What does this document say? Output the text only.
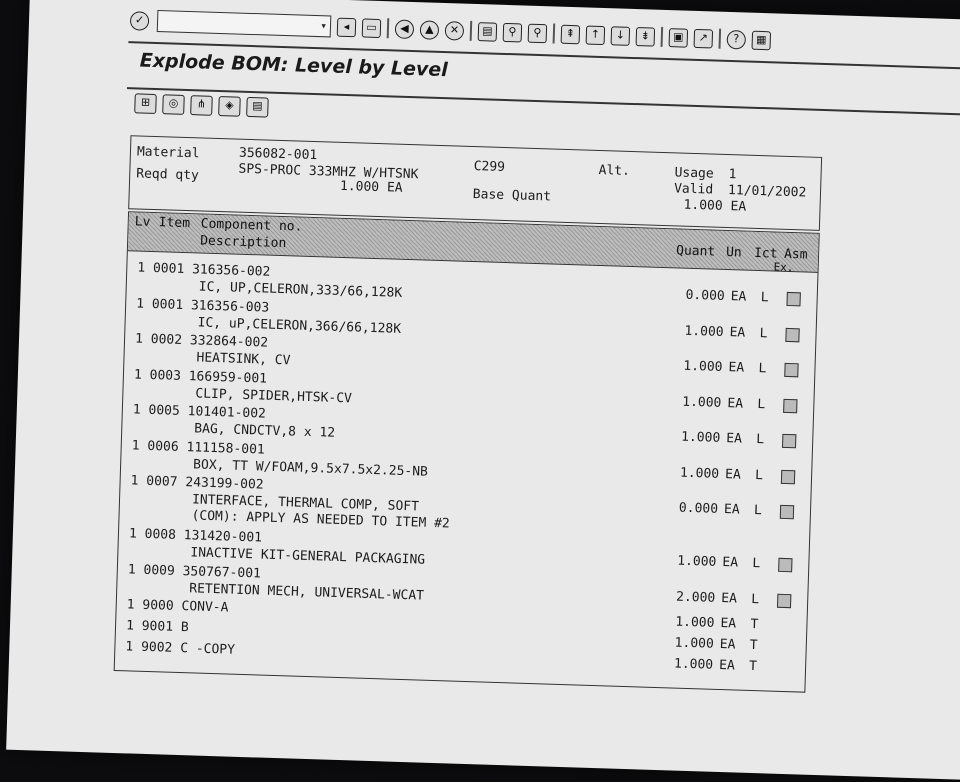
✓	▾	◂	▭	◀	▲	✕	▤	⚲	⚲	⇞	↑	↓	⇟	▣	↗	?	▦
Explode BOM: Level by Level
⊞	◎	⋔	◈	▤
Material	356082-001
SPS-PROC 333MHZ W/HTSNK	C299	Alt.	Usage 1
Valid 11/01/2002
Reqd qty
1.000 EA	Base Quant
1.000 EA
Lv Item Component no.
Description
Quant Un Ict Asm
Ex.
1 0001 316356-002
IC, UP,CELERON,333/66,128K	0.000 EA L
1 0001 316356-003
IC, uP,CELERON,366/66,128K	1.000 EA L
1 0002 332864-002
HEATSINK, CV	1.000 EA L
1 0003 166959-001
CLIP, SPIDER,HTSK-CV	1.000 EA L
1 0005 101401-002
BAG, CNDCTV,8 x 12	1.000 EA L
1 0006 111158-001
BOX, TT W/FOAM,9.5x7.5x2.25-NB	1.000 EA L
1 0007 243199-002
INTERFACE, THERMAL COMP, SOFT
(COM): APPLY AS NEEDED TO ITEM #2	0.000 EA L
1 0008 131420-001
INACTIVE KIT-GENERAL PACKAGING	1.000 EA L
1 0009 350767-001
RETENTION MECH, UNIVERSAL-WCAT	2.000 EA L
1 9000 CONV-A
1.000 EA T
1 9001 B
1.000 EA T
1 9002 C -COPY
1.000 EA T
